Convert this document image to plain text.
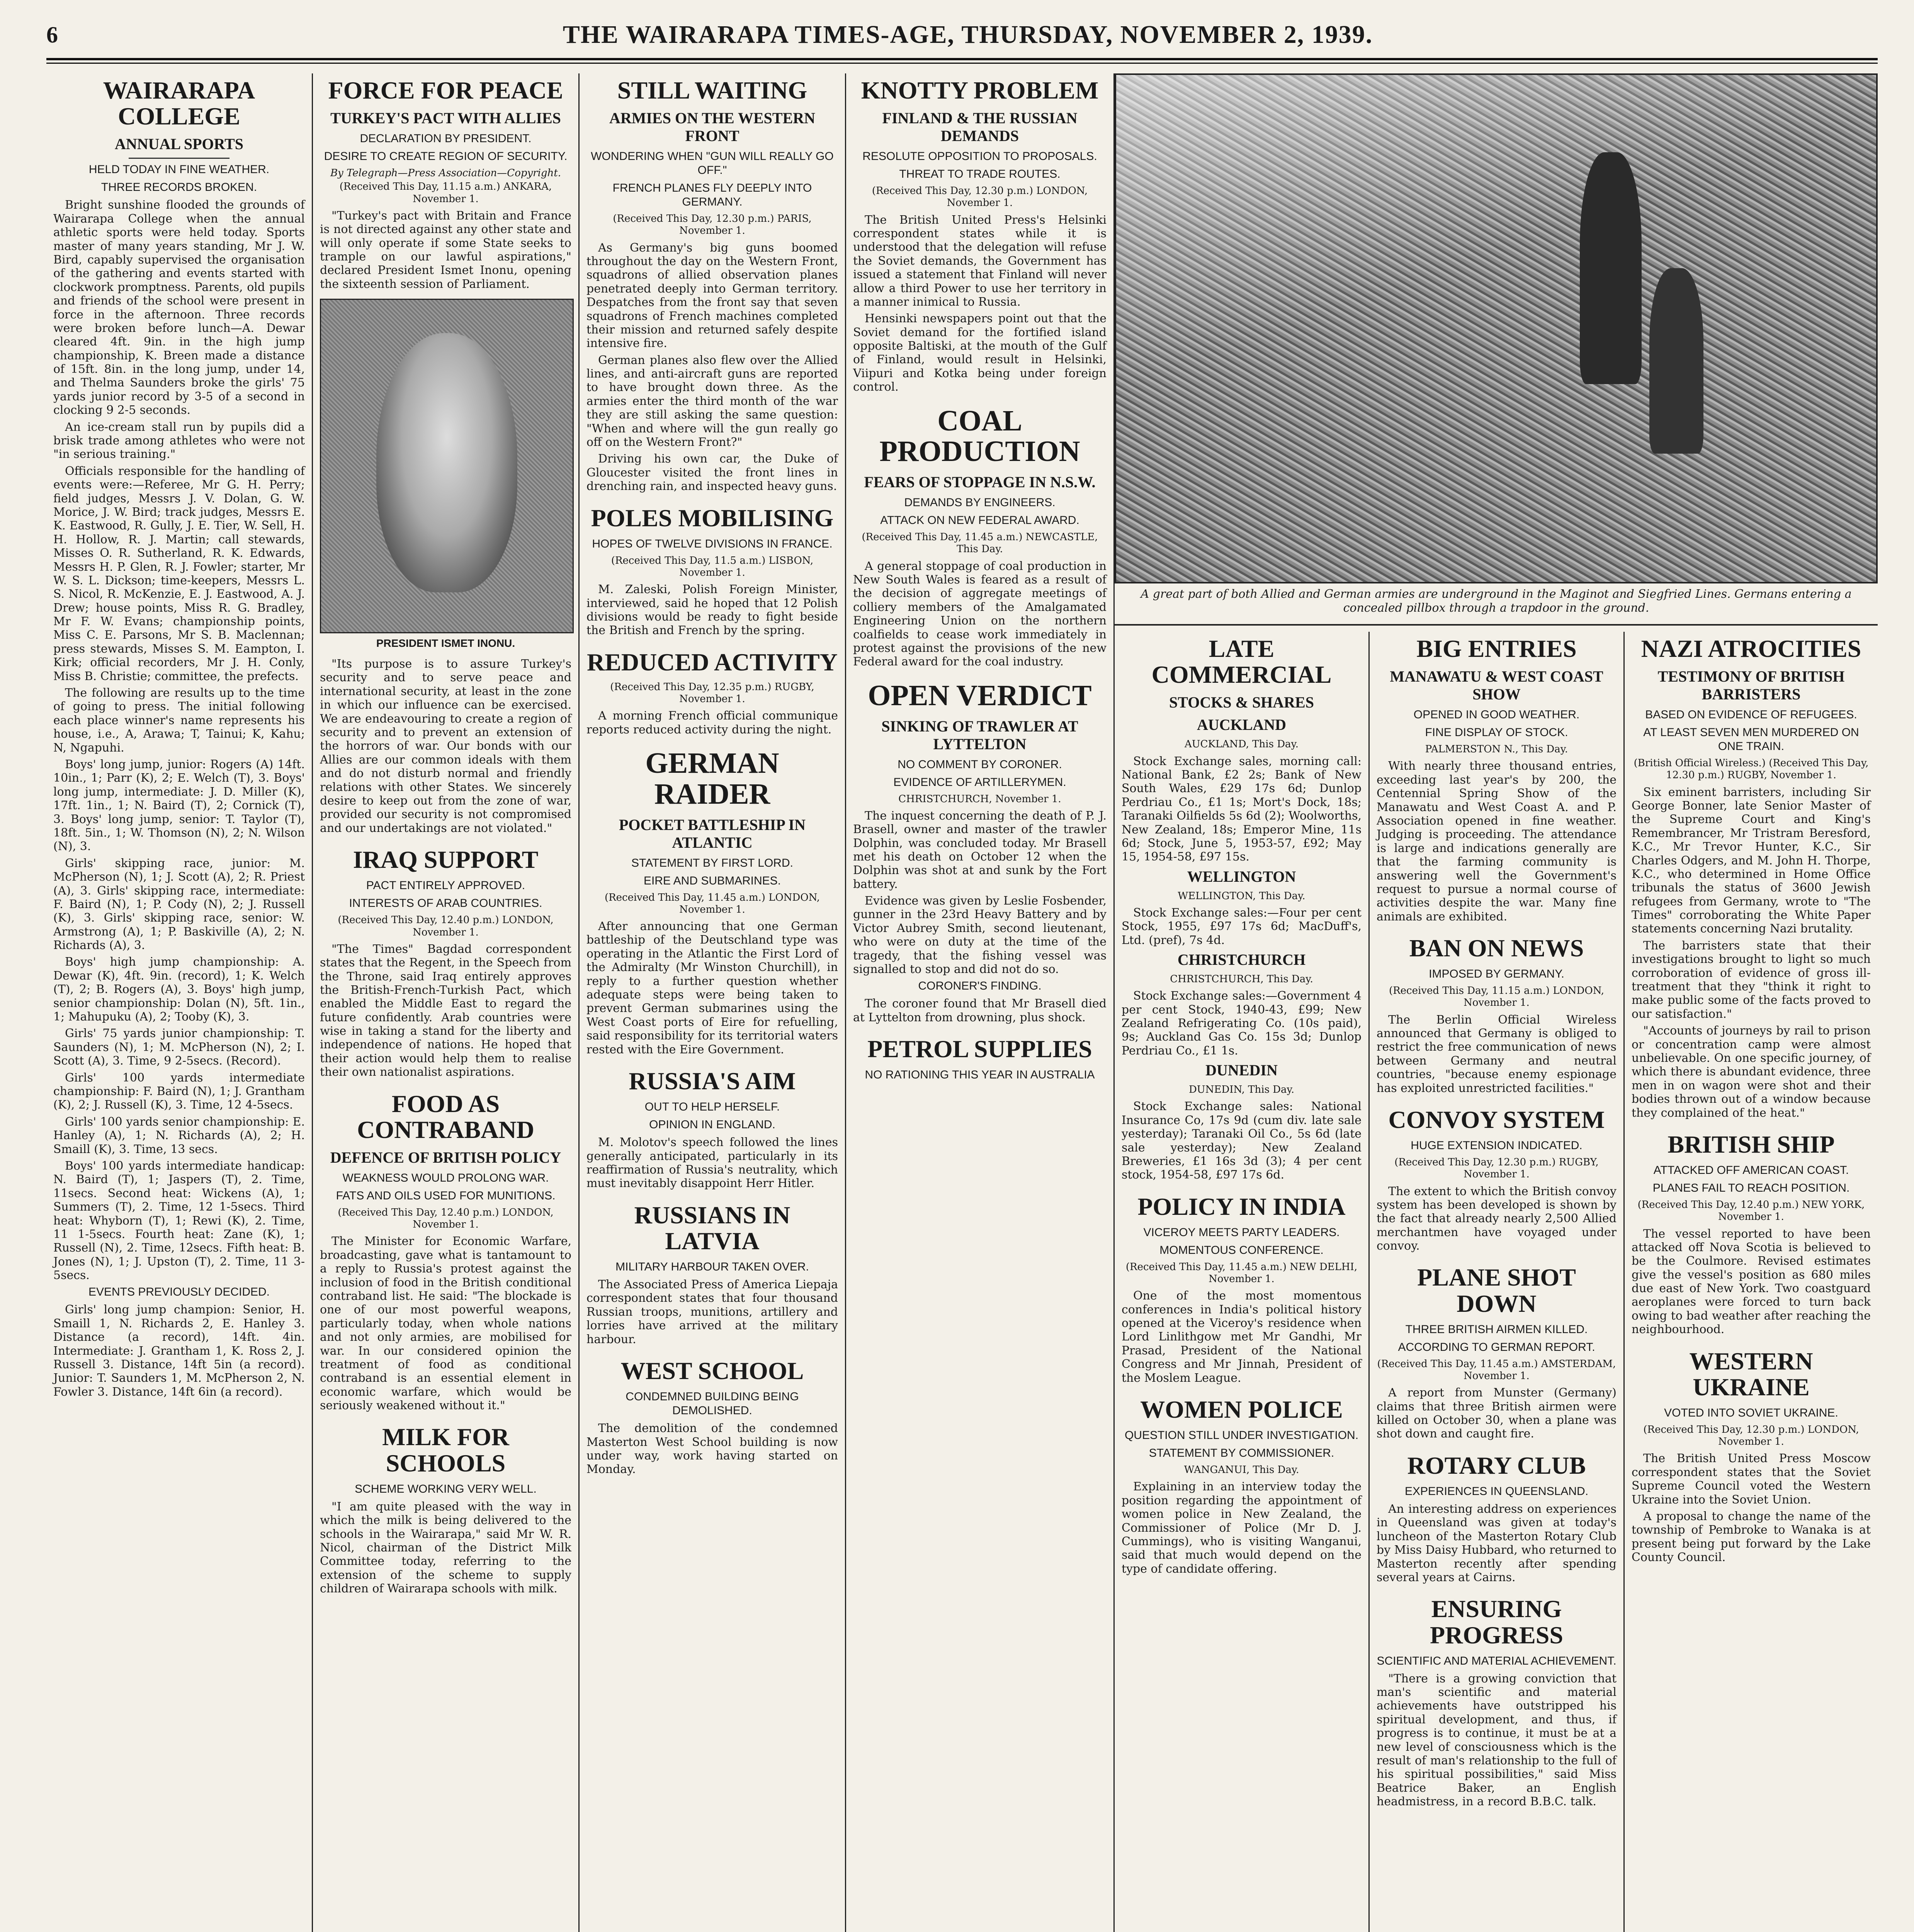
6	THE WAIRARAPA TIMES-AGE, THURSDAY, NOVEMBER 2, 1939.
WAIRARAPA COLLEGE
ANNUAL SPORTS
HELD TODAY IN FINE WEATHER.
THREE RECORDS BROKEN.

Bright sunshine flooded the grounds of Wairarapa College when the annual athletic sports were held today. Sports master of many years standing, Mr J. W. Bird, capably supervised the organisation of the gathering and events started with clockwork promptness. Parents, old pupils and friends of the school were present in force in the afternoon. Three records were broken before lunch—A. Dewar cleared 4ft. 9in. in the high jump championship, K. Breen made a distance of 15ft. 8in. in the long jump, under 14, and Thelma Saunders broke the girls' 75 yards junior record by 3-5 of a second in clocking 9 2-5 seconds.

An ice-cream stall run by pupils did a brisk trade among athletes who were not "in serious training."

Officials responsible for the handling of events were:—Referee, Mr G. H. Perry; field judges, Messrs J. V. Dolan, G. W. Morice, J. W. Bird; track judges, Messrs E. K. Eastwood, R. Gully, J. E. Tier, W. Sell, H. H. Hollow, R. J. Martin; call stewards, Misses O. R. Sutherland, R. K. Edwards, Messrs H. P. Glen, R. J. Fowler; starter, Mr W. S. L. Dickson; time-keepers, Messrs L. S. Nicol, R. McKenzie, E. J. Eastwood, A. J. Drew; house points, Miss R. G. Bradley, Mr F. W. Evans; championship points, Miss C. E. Parsons, Mr S. B. Maclennan; press stewards, Misses S. M. Eampton, I. Kirk; official recorders, Mr J. H. Conly, Miss B. Christie; committee, the prefects.

The following are results up to the time of going to press. The initial following each place winner's name represents his house, i.e., A, Arawa; T, Tainui; K, Kahu; N, Ngapuhi.

Boys' long jump, junior: Rogers (A) 14ft. 10in., 1; Parr (K), 2; E. Welch (T), 3. Boys' long jump, intermediate: J. D. Miller (K), 17ft. 1in., 1; N. Baird (T), 2; Cornick (T), 3. Boys' long jump, senior: T. Taylor (T), 18ft. 5in., 1; W. Thomson (N), 2; N. Wilson (N), 3.

Girls' skipping race, junior: M. McPherson (N), 1; J. Scott (A), 2; R. Priest (A), 3. Girls' skipping race, intermediate: F. Baird (N), 1; P. Cody (N), 2; J. Russell (K), 3. Girls' skipping race, senior: W. Armstrong (A), 1; P. Baskiville (A), 2; N. Richards (A), 3.

Boys' high jump championship: A. Dewar (K), 4ft. 9in. (record), 1; K. Welch (T), 2; B. Rogers (A), 3. Boys' high jump, senior championship: Dolan (N), 5ft. 1in., 1; Mahupuku (A), 2; Tooby (K), 3.

Girls' 75 yards junior championship: T. Saunders (N), 1; M. McPherson (N), 2; I. Scott (A), 3. Time, 9 2-5secs. (Record).

Girls' 100 yards intermediate championship: F. Baird (N), 1; J. Grantham (K), 2; J. Russell (K), 3. Time, 12 4-5secs.

Girls' 100 yards senior championship: E. Hanley (A), 1; N. Richards (A), 2; H. Smaill (K), 3. Time, 13 secs.

Boys' 100 yards intermediate handicap: N. Baird (T), 1; Jaspers (T), 2. Time, 11secs. Second heat: Wickens (A), 1; Summers (T), 2. Time, 12 1-5secs. Third heat: Whyborn (T), 1; Rewi (K), 2. Time, 11 1-5secs. Fourth heat: Zane (K), 1; Russell (N), 2. Time, 12secs. Fifth heat: B. Jones (N), 1; J. Upston (T), 2. Time, 11 3-5secs.

EVENTS PREVIOUSLY DECIDED.

Girls' long jump champion: Senior, H. Smaill 1, N. Richards 2, E. Hanley 3. Distance (a record), 14ft. 4in. Intermediate: J. Grantham 1, K. Ross 2, J. Russell 3. Distance, 14ft 5in (a record). Junior: T. Saunders 1, M. McPherson 2, N. Fowler 3. Distance, 14ft 6in (a record).

FORCE FOR PEACE
TURKEY'S PACT WITH ALLIES
DECLARATION BY PRESIDENT.
DESIRE TO CREATE REGION OF SECURITY.
By Telegraph—Press Association—Copyright.
(Received This Day, 11.15 a.m.) ANKARA, November 1.

"Turkey's pact with Britain and France is not directed against any other state and will only operate if some State seeks to trample on our lawful aspirations," declared President Ismet Inonu, opening the sixteenth session of Parliament.

PRESIDENT ISMET INONU.

"Its purpose is to assure Turkey's security and to serve peace and international security, at least in the zone in which our influence can be exercised. We are endeavouring to create a region of security and to prevent an extension of the horrors of war. Our bonds with our Allies are our common ideals with them and do not disturb normal and friendly relations with other States. We sincerely desire to keep out from the zone of war, provided our security is not compromised and our undertakings are not violated."

IRAQ SUPPORT
PACT ENTIRELY APPROVED.
INTERESTS OF ARAB COUNTRIES.
(Received This Day, 12.40 p.m.) LONDON, November 1.

"The Times" Bagdad correspondent states that the Regent, in the Speech from the Throne, said Iraq entirely approves the British-French-Turkish Pact, which enabled the Middle East to regard the future confidently. Arab countries were wise in taking a stand for the liberty and independence of nations. He hoped that their action would help them to realise their own nationalist aspirations.

FOOD AS CONTRABAND
DEFENCE OF BRITISH POLICY
WEAKNESS WOULD PROLONG WAR.
FATS AND OILS USED FOR MUNITIONS.
(Received This Day, 12.40 p.m.) LONDON, November 1.

The Minister for Economic Warfare, broadcasting, gave what is tantamount to a reply to Russia's protest against the inclusion of food in the British conditional contraband list. He said: "The blockade is one of our most powerful weapons, particularly today, when whole nations and not only armies, are mobilised for war. In our considered opinion the treatment of food as conditional contraband is an essential element in economic warfare, which would be seriously weakened without it."

MILK FOR SCHOOLS
SCHEME WORKING VERY WELL.

"I am quite pleased with the way in which the milk is being delivered to the schools in the Wairarapa," said Mr W. R. Nicol, chairman of the District Milk Committee today, referring to the extension of the scheme to supply children of Wairarapa schools with milk.

STILL WAITING
ARMIES ON THE WESTERN FRONT
WONDERING WHEN "GUN WILL REALLY GO OFF."
FRENCH PLANES FLY DEEPLY INTO GERMANY.
(Received This Day, 12.30 p.m.) PARIS, November 1.

As Germany's big guns boomed throughout the day on the Western Front, squadrons of allied observation planes penetrated deeply into German territory. Despatches from the front say that seven squadrons of French machines completed their mission and returned safely despite intensive fire.

German planes also flew over the Allied lines, and anti-aircraft guns are reported to have brought down three. As the armies enter the third month of the war they are still asking the same question: "When and where will the gun really go off on the Western Front?"

Driving his own car, the Duke of Gloucester visited the front lines in drenching rain, and inspected heavy guns.

POLES MOBILISING
HOPES OF TWELVE DIVISIONS IN FRANCE.
(Received This Day, 11.5 a.m.) LISBON, November 1.

M. Zaleski, Polish Foreign Minister, interviewed, said he hoped that 12 Polish divisions would be ready to fight beside the British and French by the spring.

REDUCED ACTIVITY
(Received This Day, 12.35 p.m.) RUGBY, November 1.

A morning French official communique reports reduced activity during the night.

GERMAN RAIDER
POCKET BATTLESHIP IN ATLANTIC
STATEMENT BY FIRST LORD.
EIRE AND SUBMARINES.
(Received This Day, 11.45 a.m.) LONDON, November 1.

After announcing that one German battleship of the Deutschland type was operating in the Atlantic the First Lord of the Admiralty (Mr Winston Churchill), in reply to a further question whether adequate steps were being taken to prevent German submarines using the West Coast ports of Eire for refuelling, said responsibility for its territorial waters rested with the Eire Government.

RUSSIA'S AIM
OUT TO HELP HERSELF.
OPINION IN ENGLAND.

M. Molotov's speech followed the lines generally anticipated, particularly in its reaffirmation of Russia's neutrality, which must inevitably disappoint Herr Hitler.

RUSSIANS IN LATVIA
MILITARY HARBOUR TAKEN OVER.

The Associated Press of America Liepaja correspondent states that four thousand Russian troops, munitions, artillery and lorries have arrived at the military harbour.

WEST SCHOOL
CONDEMNED BUILDING BEING DEMOLISHED.

The demolition of the condemned Masterton West School building is now under way, work having started on Monday.

KNOTTY PROBLEM
FINLAND & THE RUSSIAN DEMANDS
RESOLUTE OPPOSITION TO PROPOSALS.
THREAT TO TRADE ROUTES.
(Received This Day, 12.30 p.m.) LONDON, November 1.

The British United Press's Helsinki correspondent states while it is understood that the delegation will refuse the Soviet demands, the Government has issued a statement that Finland will never allow a third Power to use her territory in a manner inimical to Russia.

Hensinki newspapers point out that the Soviet demand for the fortified island opposite Baltiski, at the mouth of the Gulf of Finland, would result in Helsinki, Viipuri and Kotka being under foreign control.

COAL PRODUCTION
FEARS OF STOPPAGE IN N.S.W.
DEMANDS BY ENGINEERS.
ATTACK ON NEW FEDERAL AWARD.
(Received This Day, 11.45 a.m.) NEWCASTLE, This Day.

A general stoppage of coal production in New South Wales is feared as a result of the decision of aggregate meetings of colliery members of the Amalgamated Engineering Union on the northern coalfields to cease work immediately in protest against the provisions of the new Federal award for the coal industry.

OPEN VERDICT
SINKING OF TRAWLER AT LYTTELTON
NO COMMENT BY CORONER.
EVIDENCE OF ARTILLERYMEN.
CHRISTCHURCH, November 1.

The inquest concerning the death of P. J. Brasell, owner and master of the trawler Dolphin, was concluded today. Mr Brasell met his death on October 12 when the Dolphin was shot at and sunk by the Fort battery.

Evidence was given by Leslie Fosbender, gunner in the 23rd Heavy Battery and by Victor Aubrey Smith, second lieutenant, who were on duty at the time of the tragedy, that the fishing vessel was signalled to stop and did not do so.

CORONER'S FINDING.

The coroner found that Mr Brasell died at Lyttelton from drowning, plus shock.

PETROL SUPPLIES
NO RATIONING THIS YEAR IN AUSTRALIA
A great part of both Allied and German armies are underground in the Maginot and Siegfried Lines. Germans entering a concealed pillbox through a trapdoor in the ground.
LATE COMMERCIAL
STOCKS & SHARES
AUCKLAND
AUCKLAND, This Day.

Stock Exchange sales, morning call: National Bank, £2 2s; Bank of New South Wales, £29 17s 6d; Dunlop Perdriau Co., £1 1s; Mort's Dock, 18s; Taranaki Oilfields 5s 6d (2); Woolworths, New Zealand, 18s; Emperor Mine, 11s 6d; Stock, June 5, 1953-57, £92; May 15, 1954-58, £97 15s.

WELLINGTON
WELLINGTON, This Day.

Stock Exchange sales:—Four per cent Stock, 1955, £97 17s 6d; MacDuff's, Ltd. (pref), 7s 4d.

CHRISTCHURCH
CHRISTCHURCH, This Day.

Stock Exchange sales:—Government 4 per cent Stock, 1940-43, £99; New Zealand Refrigerating Co. (10s paid), 9s; Auckland Gas Co. 15s 3d; Dunlop Perdriau Co., £1 1s.

DUNEDIN
DUNEDIN, This Day.

Stock Exchange sales: National Insurance Co, 17s 9d (cum div. late sale yesterday); Taranaki Oil Co., 5s 6d (late sale yesterday); New Zealand Breweries, £1 16s 3d (3); 4 per cent stock, 1954-58, £97 17s 6d.

POLICY IN INDIA
VICEROY MEETS PARTY LEADERS.
MOMENTOUS CONFERENCE.
(Received This Day, 11.45 a.m.) NEW DELHI, November 1.

One of the most momentous conferences in India's political history opened at the Viceroy's residence when Lord Linlithgow met Mr Gandhi, Mr Prasad, President of the National Congress and Mr Jinnah, President of the Moslem League.

WOMEN POLICE
QUESTION STILL UNDER INVESTIGATION.
STATEMENT BY COMMISSIONER.
WANGANUI, This Day.

Explaining in an interview today the position regarding the appointment of women police in New Zealand, the Commissioner of Police (Mr D. J. Cummings), who is visiting Wanganui, said that much would depend on the type of candidate offering.

BIG ENTRIES
MANAWATU & WEST COAST SHOW
OPENED IN GOOD WEATHER.
FINE DISPLAY OF STOCK.
PALMERSTON N., This Day.

With nearly three thousand entries, exceeding last year's by 200, the Centennial Spring Show of the Manawatu and West Coast A. and P. Association opened in fine weather. Judging is proceeding. The attendance is large and indications generally are that the farming community is answering well the Government's request to pursue a normal course of activities despite the war. Many fine animals are exhibited.

BAN ON NEWS
IMPOSED BY GERMANY.
(Received This Day, 11.15 a.m.) LONDON, November 1.

The Berlin Official Wireless announced that Germany is obliged to restrict the free communication of news between Germany and neutral countries, "because enemy espionage has exploited unrestricted facilities."

CONVOY SYSTEM
HUGE EXTENSION INDICATED.
(Received This Day, 12.30 p.m.) RUGBY, November 1.

The extent to which the British convoy system has been developed is shown by the fact that already nearly 2,500 Allied merchantmen have voyaged under convoy.

PLANE SHOT DOWN
THREE BRITISH AIRMEN KILLED.
ACCORDING TO GERMAN REPORT.
(Received This Day, 11.45 a.m.) AMSTERDAM, November 1.

A report from Munster (Germany) claims that three British airmen were killed on October 30, when a plane was shot down and caught fire.

ROTARY CLUB
EXPERIENCES IN QUEENSLAND.

An interesting address on experiences in Queensland was given at today's luncheon of the Masterton Rotary Club by Miss Daisy Hubbard, who returned to Masterton recently after spending several years at Cairns.

ENSURING PROGRESS
SCIENTIFIC AND MATERIAL ACHIEVEMENT.

"There is a growing conviction that man's scientific and material achievements have outstripped his spiritual development, and thus, if progress is to continue, it must be at a new level of consciousness which is the result of man's relationship to the full of his spiritual possibilities," said Miss Beatrice Baker, an English headmistress, in a record B.B.C. talk.

NAZI ATROCITIES
TESTIMONY OF BRITISH BARRISTERS
BASED ON EVIDENCE OF REFUGEES.
AT LEAST SEVEN MEN MURDERED ON ONE TRAIN.
(British Official Wireless.) (Received This Day, 12.30 p.m.) RUGBY, November 1.

Six eminent barristers, including Sir George Bonner, late Senior Master of the Supreme Court and King's Remembrancer, Mr Tristram Beresford, K.C., Mr Trevor Hunter, K.C., Sir Charles Odgers, and M. John H. Thorpe, K.C., who determined in Home Office tribunals the status of 3600 Jewish refugees from Germany, wrote to "The Times" corroborating the White Paper statements concerning Nazi brutality.

The barristers state that their investigations brought to light so much corroboration of evidence of gross ill-treatment that they "think it right to make public some of the facts proved to our satisfaction."

"Accounts of journeys by rail to prison or concentration camp were almost unbelievable. On one specific journey, of which there is abundant evidence, three men in on wagon were shot and their bodies thrown out of a window because they complained of the heat."

BRITISH SHIP
ATTACKED OFF AMERICAN COAST.
PLANES FAIL TO REACH POSITION.
(Received This Day, 12.40 p.m.) NEW YORK, November 1.

The vessel reported to have been attacked off Nova Scotia is believed to be the Coulmore. Revised estimates give the vessel's position as 680 miles due east of New York. Two coastguard aeroplanes were forced to turn back owing to bad weather after reaching the neighbourhood.

WESTERN UKRAINE
VOTED INTO SOVIET UKRAINE.
(Received This Day, 12.30 p.m.) LONDON, November 1.

The British United Press Moscow correspondent states that the Soviet Supreme Council voted the Western Ukraine into the Soviet Union.

A proposal to change the name of the township of Pembroke to Wanaka is at present being put forward by the Lake County Council.
